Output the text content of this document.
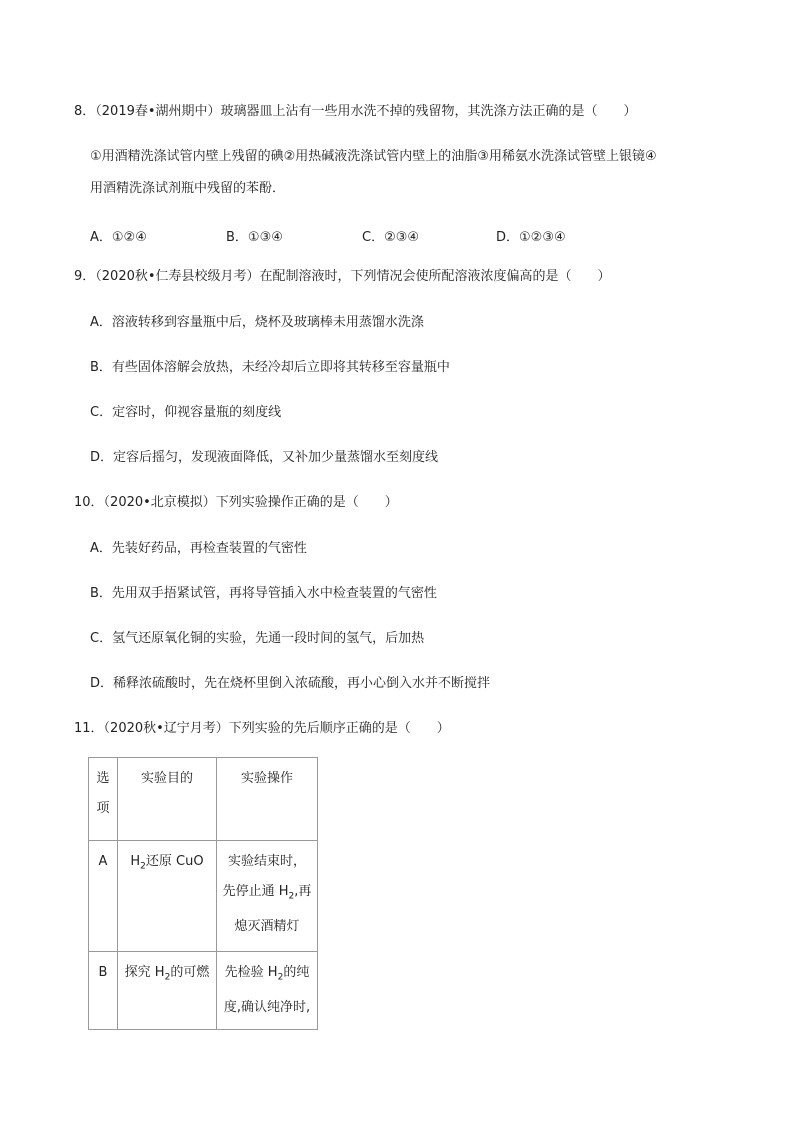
8．（2019春•湖州期中）玻璃器皿上沾有一些用水洗不掉的残留物，其洗涤方法正确的是（　　）
①用酒精洗涤试管内壁上残留的碘②用热碱液洗涤试管内壁上的油脂③用稀氨水洗涤试管壁上银镜④
用酒精洗涤试剂瓶中残留的苯酚．
A．①②④	B．①③④	C．②③④	D．①②③④
9．（2020秋•仁寿县校级月考）在配制溶液时，下列情况会使所配溶液浓度偏高的是（　　）
A．溶液转移到容量瓶中后，烧杯及玻璃棒未用蒸馏水洗涤
B．有些固体溶解会放热，未经冷却后立即将其转移至容量瓶中
C．定容时，仰视容量瓶的刻度线
D．定容后摇匀，发现液面降低，又补加少量蒸馏水至刻度线
10．（2020•北京模拟）下列实验操作正确的是（　　）
A．先装好药品，再检查装置的气密性
B．先用双手捂紧试管，再将导管插入水中检查装置的气密性
C．氢气还原氧化铜的实验，先通一段时间的氢气，后加热
D．稀释浓硫酸时，先在烧杯里倒入浓硫酸，再小心倒入水并不断搅拌
11．（2020秋•辽宁月考）下列实验的先后顺序正确的是（　　）
选
项	实验目的	实验操作
A	$H_2$还原 CuO	实验结束时，
先停止通 $H_2$,再
熄灭酒精灯

B	探究 $H_2$的可燃	先检验 $H_2$的纯
度,确认纯净时,
